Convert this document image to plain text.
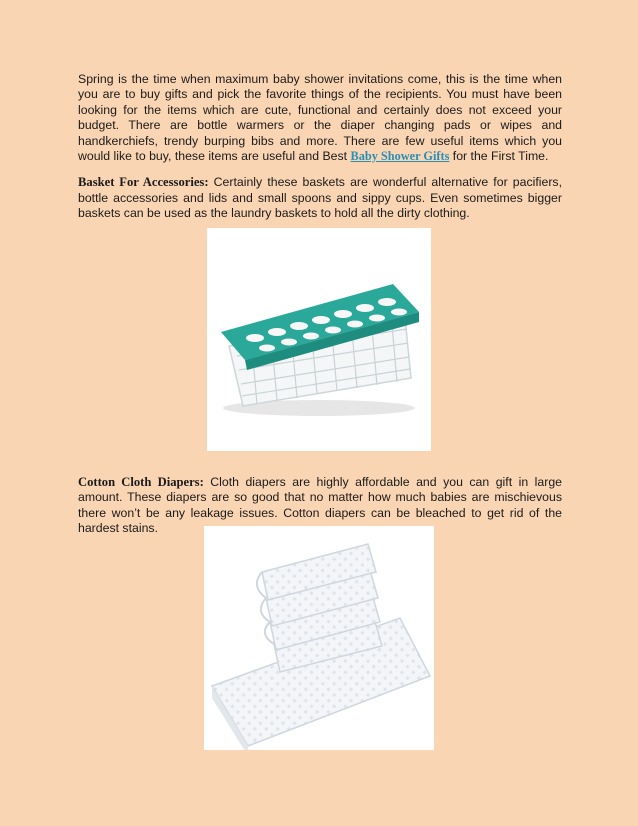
Spring is the time when maximum baby shower invitations come, this is the time when you are to buy gifts and pick the favorite things of the recipients. You must have been looking for the items which are cute, functional and certainly does not exceed your budget. There are bottle warmers or the diaper changing pads or wipes and handkerchiefs, trendy burping bibs and more. There are few useful items which you would like to buy, these items are useful and Best Baby Shower Gifts for the First Time.

Basket For Accessories: Certainly these baskets are wonderful alternative for pacifiers, bottle accessories and lids and small spoons and sippy cups. Even sometimes bigger baskets can be used as the laundry baskets to hold all the dirty clothing.

Cotton Cloth Diapers: Cloth diapers are highly affordable and you can gift in large amount. These diapers are so good that no matter how much babies are mischievous there won’t be any leakage issues. Cotton diapers can be bleached to get rid of the hardest stains.
